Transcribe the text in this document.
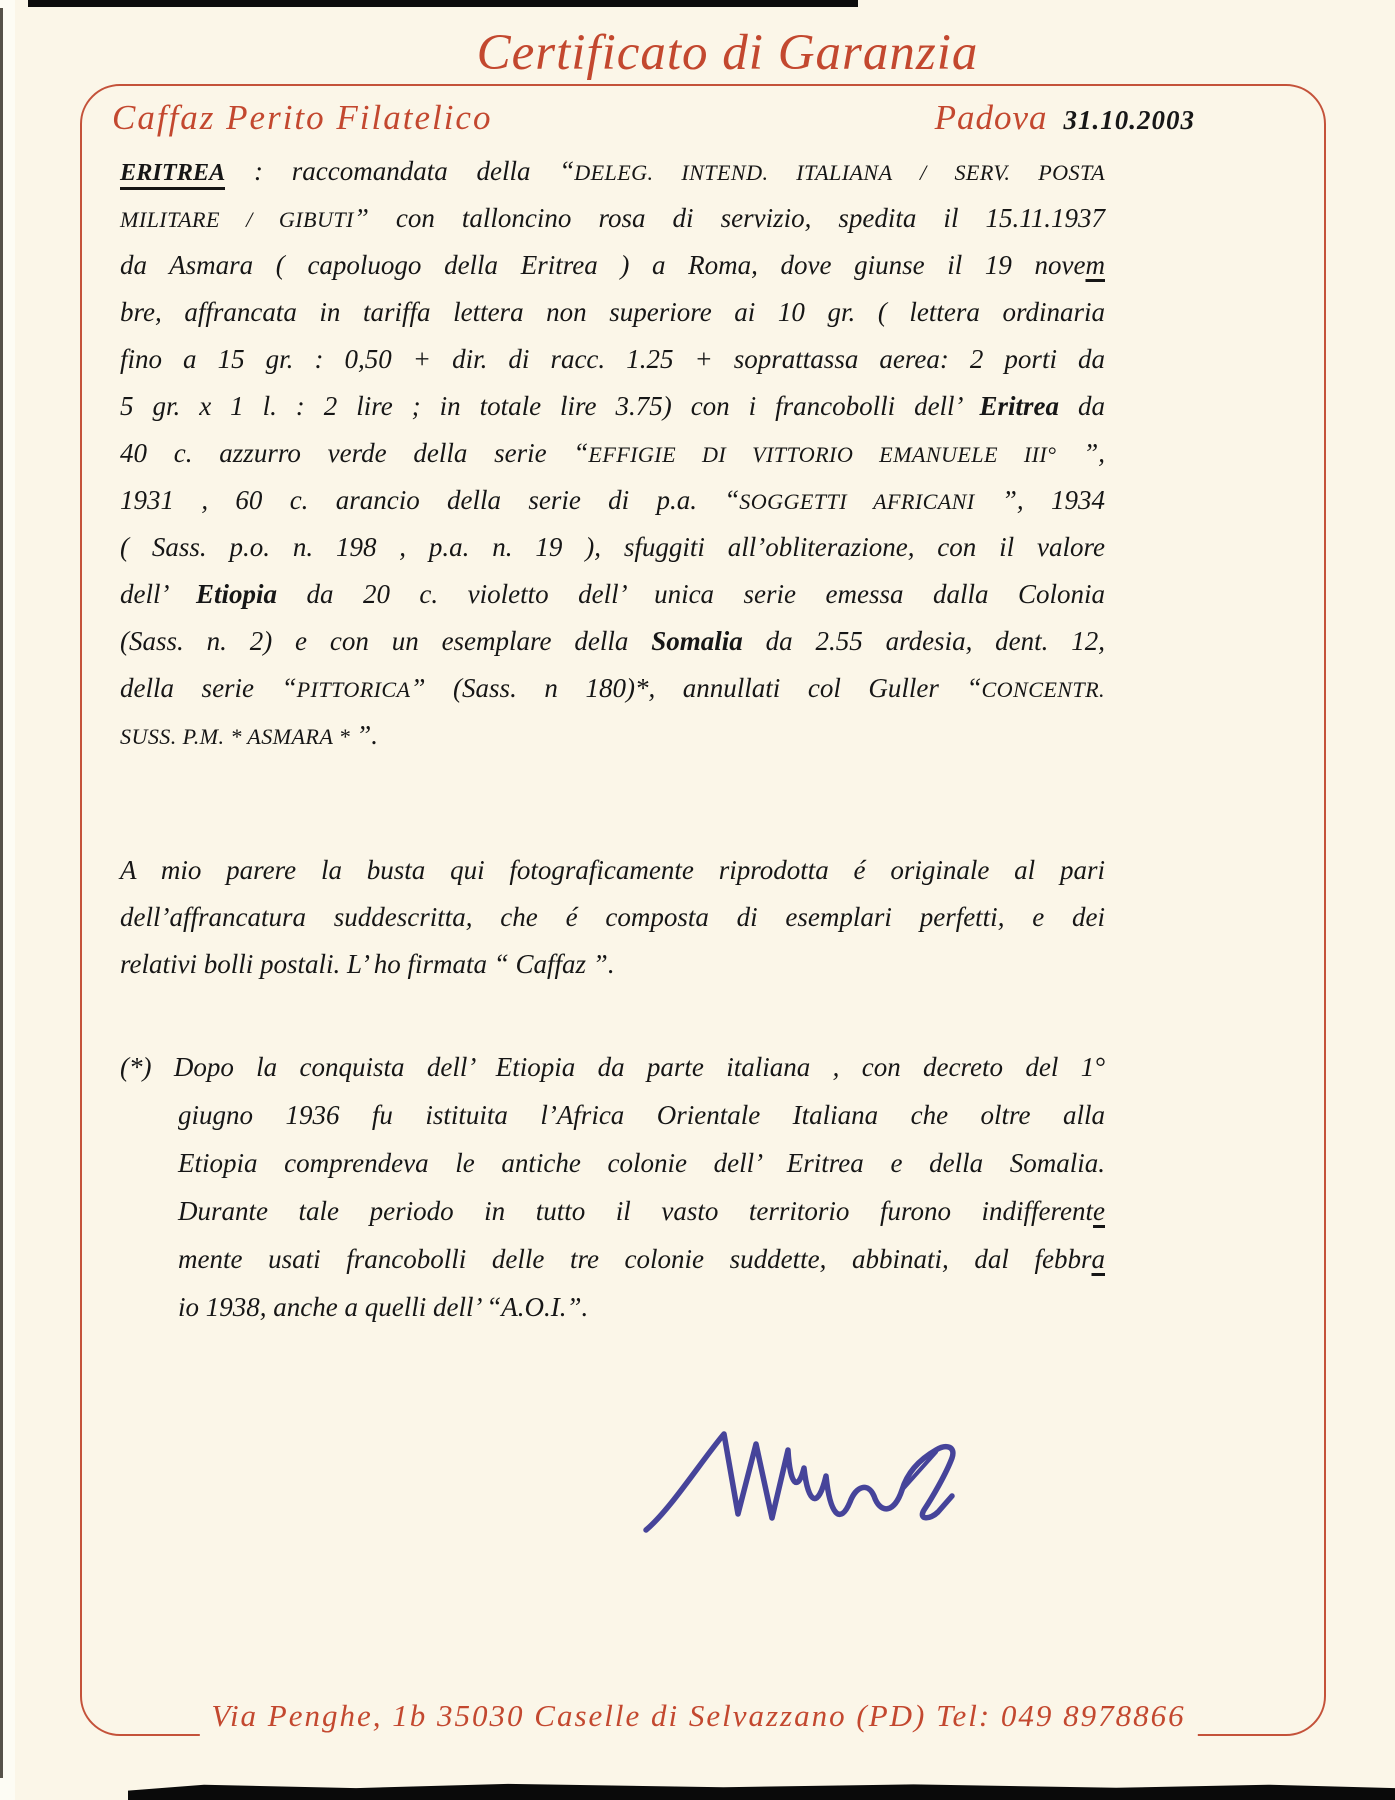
Certificato di Garanzia
Caffaz Perito Filatelico	Padova 31.10.2003
ERITREA : raccomandata della “DELEG. INTEND. ITALIANA / SERV. POSTA
MILITARE / GIBUTI” con talloncino rosa di servizio, spedita il 15.11.1937
da Asmara ( capoluogo della Eritrea ) a Roma, dove giunse il 19 novem
bre, affrancata in tariffa lettera non superiore ai 10 gr. ( lettera ordinaria
fino a 15 gr. : 0,50 + dir. di racc. 1.25 + soprattassa aerea: 2 porti da
5 gr. x 1 l. : 2 lire ; in totale lire 3.75) con i francobolli dell’ Eritrea da
40 c. azzurro verde della serie “EFFIGIE DI VITTORIO EMANUELE III° ”,
1931 , 60 c. arancio della serie di p.a. “SOGGETTI AFRICANI ”, 1934
( Sass. p.o. n. 198 , p.a. n. 19 ), sfuggiti all’obliterazione, con il valore
dell’ Etiopia da 20 c. violetto dell’ unica serie emessa dalla Colonia
(Sass. n. 2) e con un esemplare della Somalia da 2.55 ardesia, dent. 12,
della serie “PITTORICA” (Sass. n 180)*, annullati col Guller “CONCENTR.
SUSS. P.M. * ASMARA * ”.
A mio parere la busta qui fotograficamente riprodotta é originale al pari
dell’affrancatura suddescritta, che é composta di esemplari perfetti, e dei
relativi bolli postali. L’ ho firmata “ Caffaz ”.
(*) Dopo la conquista dell’ Etiopia da parte italiana , con decreto del 1°
giugno 1936 fu istituita l’Africa Orientale Italiana che oltre alla
Etiopia comprendeva le antiche colonie dell’ Eritrea e della Somalia.
Durante tale periodo in tutto il vasto territorio furono indifferente
mente usati francobolli delle tre colonie suddette, abbinati, dal febbra
io 1938, anche a quelli dell’ “A.O.I.”.
Via Penghe, 1b 35030 Caselle di Selvazzano (PD) Tel: 049 8978866
